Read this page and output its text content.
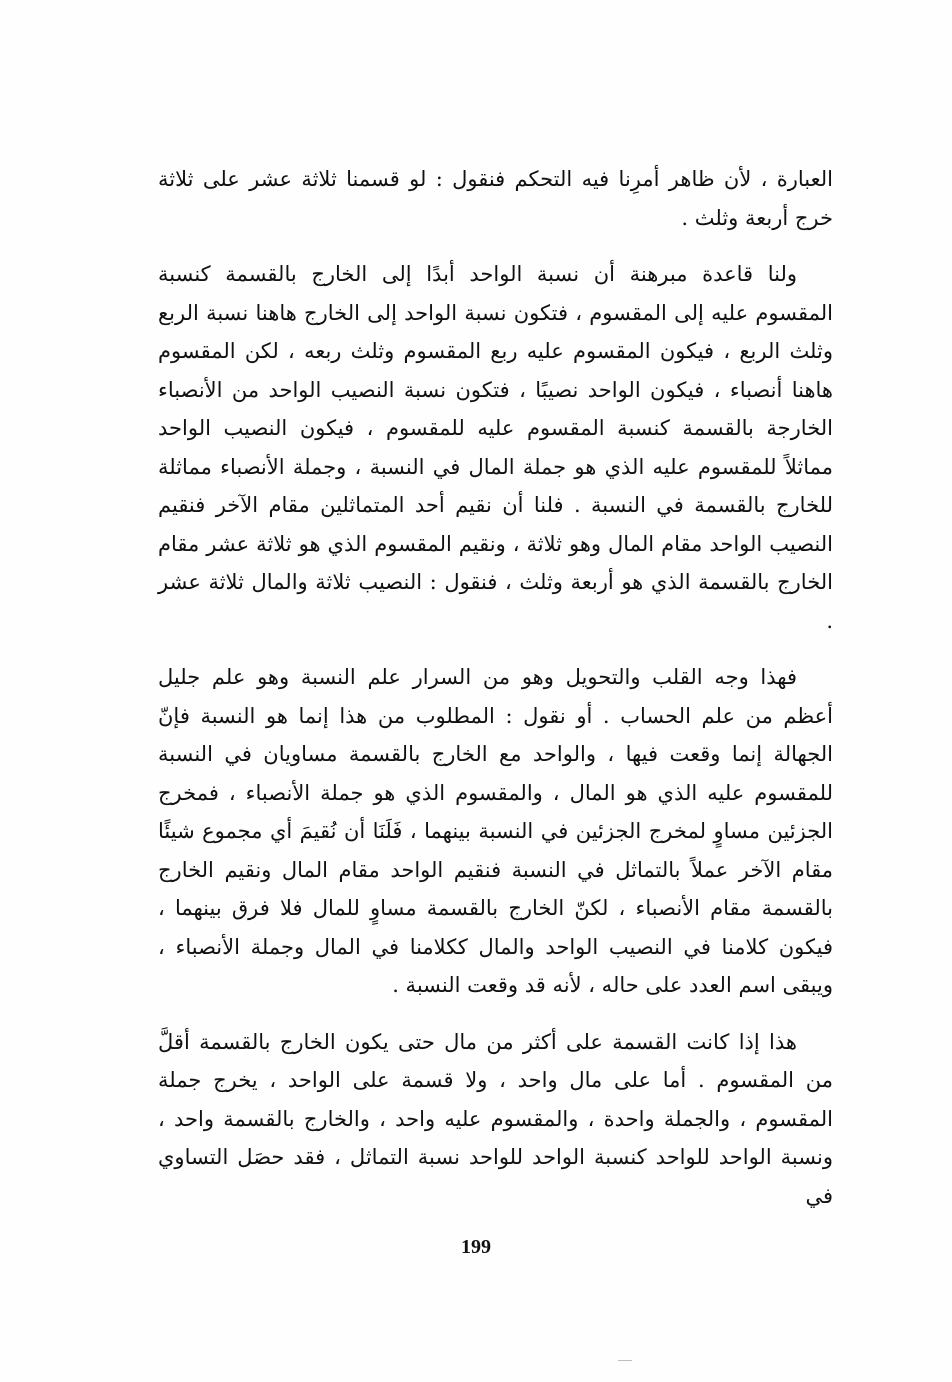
العبارة ، لأن ظاهر أمرِنا فيه التحكم فنقول : لو قسمنا ثلاثة عشر على ثلاثة خرج أربعة وثلث .

ولنا قاعدة مبرهنة أن نسبة الواحد أبدًا إلى الخارج بالقسمة كنسبة المقسوم عليه إلى المقسوم ، فتكون نسبة الواحد إلى الخارج هاهنا نسبة الربع وثلث الربع ، فيكون المقسوم عليه ربع المقسوم وثلث ربعه ، لكن المقسوم هاهنا أنصباء ، فيكون الواحد نصيبًا ، فتكون نسبة النصيب الواحد من الأنصباء الخارجة بالقسمة كنسبة المقسوم عليه للمقسوم ، فيكون النصيب الواحد مماثلاً للمقسوم عليه الذي هو جملة المال في النسبة ، وجملة الأنصباء مماثلة للخارج بالقسمة في النسبة . فلنا أن نقيم أحد المتماثلين مقام الآخر فنقيم النصيب الواحد مقام المال وهو ثلاثة ، ونقيم المقسوم الذي هو ثلاثة عشر مقام الخارج بالقسمة الذي هو أربعة وثلث ، فنقول : النصيب ثلاثة والمال ثلاثة عشر .

فهذا وجه القلب والتحويل وهو من السرار علم النسبة وهو علم جليل أعظم من علم الحساب . أو نقول : المطلوب من هذا إنما هو النسبة فإنّ الجهالة إنما وقعت فيها ، والواحد مع الخارج بالقسمة مساويان في النسبة للمقسوم عليه الذي هو المال ، والمقسوم الذي هو جملة الأنصباء ، فمخرج الجزئين مساوٍ لمخرج الجزئين في النسبة بينهما ، فَلَنَا أن نُقيمَ أي مجموع شيئًا مقام الآخر عملاً بالتماثل في النسبة فنقيم الواحد مقام المال ونقيم الخارج بالقسمة مقام الأنصباء ، لكنّ الخارج بالقسمة مساوٍ للمال فلا فرق بينهما ، فيكون كلامنا في النصيب الواحد والمال ككلامنا في المال وجملة الأنصباء ، ويبقى اسم العدد على حاله ، لأنه قد وقعت النسبة .

هذا إذا كانت القسمة على أكثر من مال حتى يكون الخارج بالقسمة أقلَّ من المقسوم . أما على مال واحد ، ولا قسمة على الواحد ، يخرج جملة المقسوم ، والجملة واحدة ، والمقسوم عليه واحد ، والخارج بالقسمة واحد ، ونسبة الواحد للواحد كنسبة الواحد للواحد نسبة التماثل ، فقد حصَل التساوي في

199
